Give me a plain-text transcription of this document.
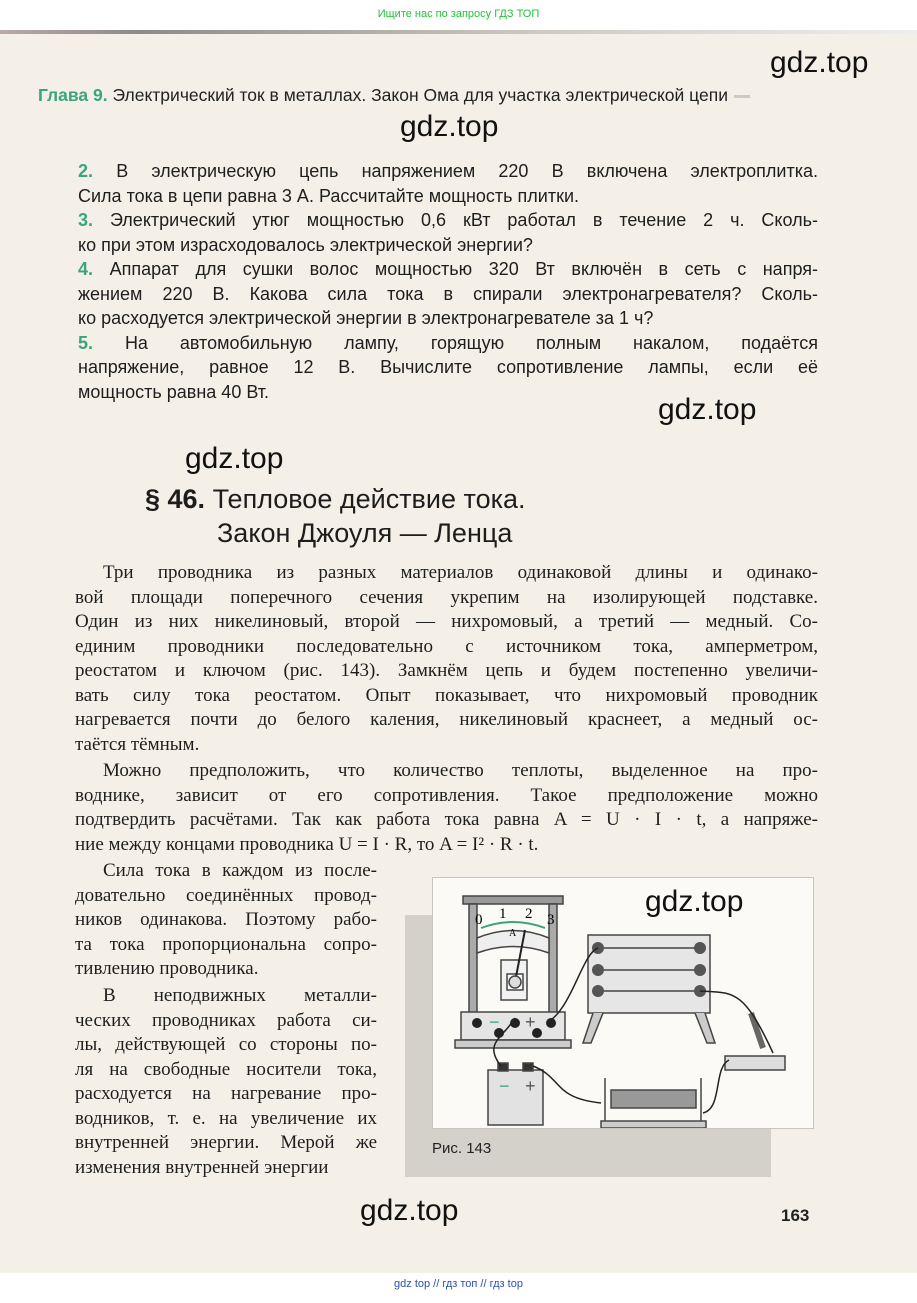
Ищите нас по запросу ГДЗ ТОП
Глава 9. Электрический ток в металлах. Закон Ома для участка электрической цепи
gdz.top
gdz.top
gdz.top
gdz.top
gdz.top
2. В электрическую цепь напряжением 220 В включена электроплитка.
Сила тока в цепи равна 3 А. Рассчитайте мощность плитки.
3. Электрический утюг мощностью 0,6 кВт работал в течение 2 ч. Сколь-
ко при этом израсходовалось электрической энергии?
4. Аппарат для сушки волос мощностью 320 Вт включён в сеть с напря-
жением 220 В. Какова сила тока в спирали электронагревателя? Сколь-
ко расходуется электрической энергии в электронагревателе за 1 ч?
5. На автомобильную лампу, горящую полным накалом, подаётся
напряжение, равное 12 В. Вычислите сопротивление лампы, если её
мощность равна 40 Вт.
§ 46. Тепловое действие тока.
Закон Джоуля — Ленца
Три проводника из разных материалов одинаковой длины и одинако-
вой площади поперечного сечения укрепим на изолирующей подставке.
Один из них никелиновый, второй — нихромовый, а третий — медный. Со-
единим проводники последовательно с источником тока, амперметром,
реостатом и ключом (рис. 143). Замкнём цепь и будем постепенно увеличи-
вать силу тока реостатом. Опыт показывает, что нихромовый проводник
нагревается почти до белого каления, никелиновый краснеет, а медный ос-
таётся тёмным.
Можно предположить, что количество теплоты, выделенное на про-
воднике, зависит от его сопротивления. Такое предположение можно
подтвердить расчётами. Так как работа тока равна A = U · I · t, а напряже-
ние между концами проводника U = I · R, то A = I² · R · t.
Сила тока в каждом из после-
довательно соединённых провод-
ников одинакова. Поэтому рабо-
та тока пропорциональна сопро-
тивлению проводника.
В неподвижных металли-
ческих проводниках работа си-
лы, действующей со стороны по-
ля на свободные носители тока,
расходуется на нагревание про-
водников, т. е. на увеличение их
внутренней энергии. Мерой же
изменения внутренней энергии
0 1 2 3
A
− +
− +
gdz.top
Рис. 143
163
gdz top // гдз топ // гдз top
